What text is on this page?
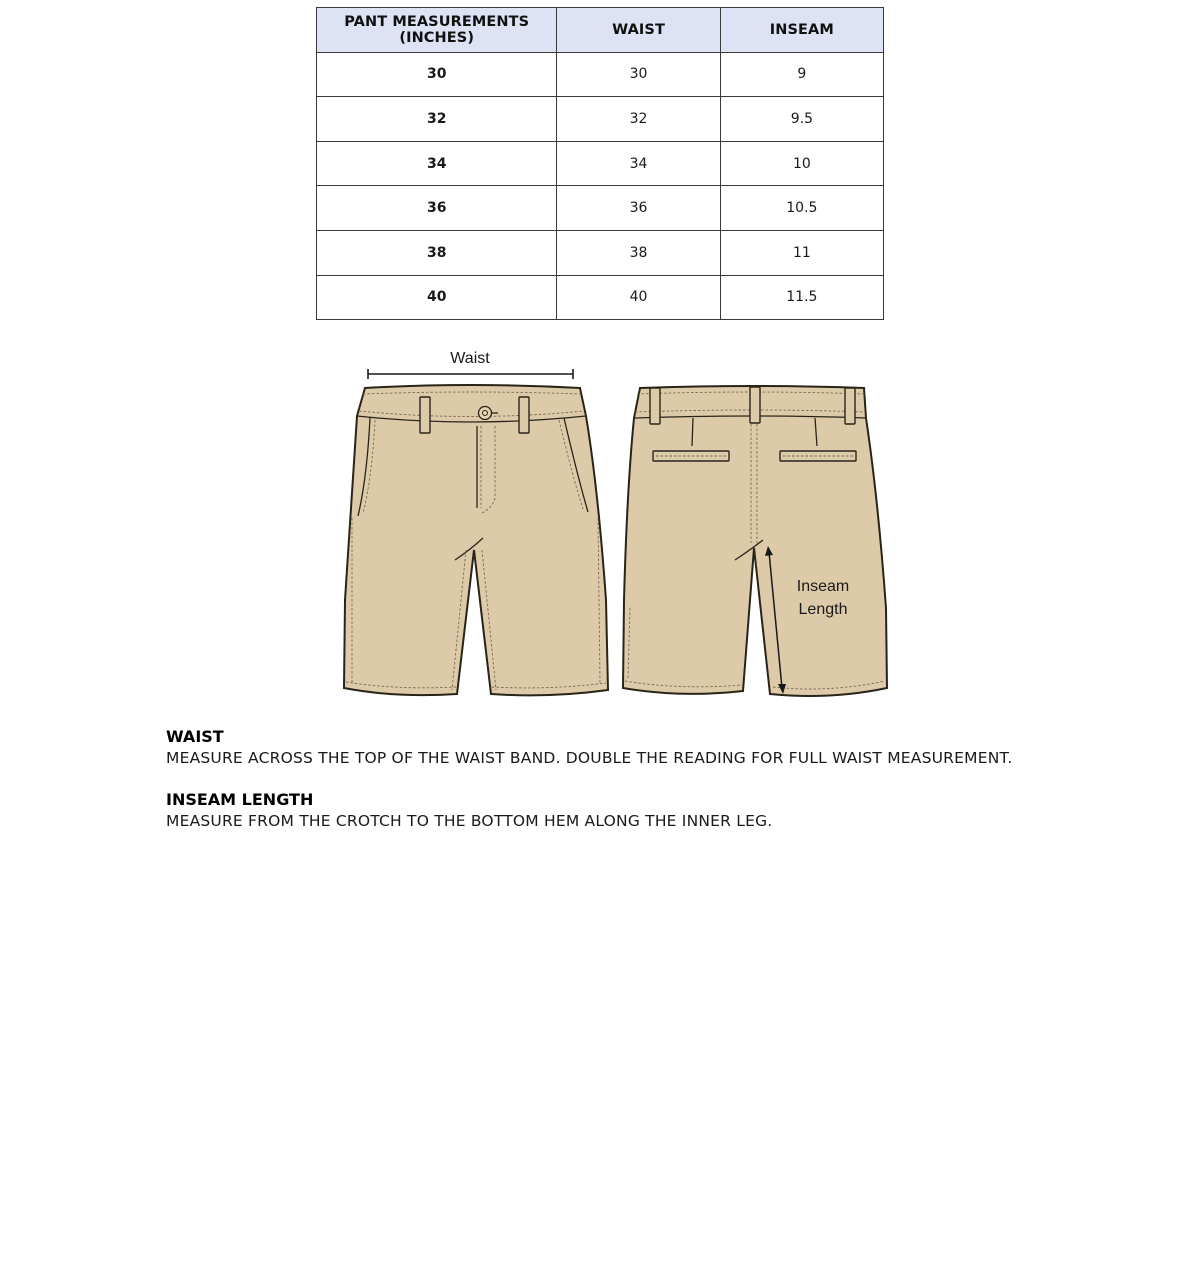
PANT MEASUREMENTS (INCHES)	WAIST	INSEAM
30	30	9
32	32	9.5
34	34	10
36	36	10.5
38	38	11
40	40	11.5
Waist
Inseam
Length
WAIST
MEASURE ACROSS THE TOP OF THE WAIST BAND. DOUBLE THE READING FOR FULL WAIST MEASUREMENT.
INSEAM LENGTH
MEASURE FROM THE CROTCH TO THE BOTTOM HEM ALONG THE INNER LEG.
